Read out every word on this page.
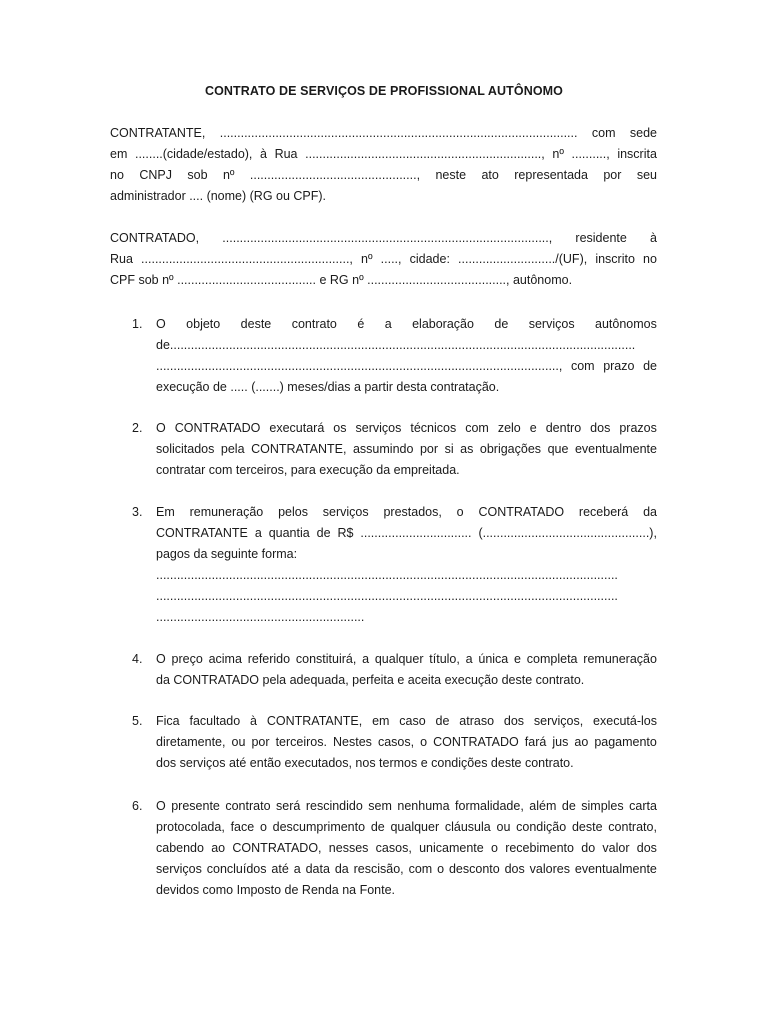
CONTRATO DE SERVIÇOS DE PROFISSIONAL AUTÔNOMO
CONTRATANTE, ....................................................................................................... com sede
em ........(cidade/estado), à Rua ...................................................................., nº .........., inscrita
no CNPJ sob nº ................................................, neste ato representada por seu
administrador .... (nome) (RG ou CPF).
CONTRATADO, .............................................................................................., residente à
Rua ............................................................, nº ....., cidade: ............................/(UF), inscrito no
CPF sob nº ........................................ e RG nº ........................................, autônomo.
1. O objeto deste contrato é a elaboração de serviços autônomos
de......................................................................................................................................
...................................................................................................................., com prazo de
execução de ..... (.......) meses/dias a partir desta contratação.
2. O CONTRATADO executará os serviços técnicos com zelo e dentro dos prazos
solicitados pela CONTRATANTE, assumindo por si as obrigações que eventualmente
contratar com terceiros, para execução da empreitada.
3. Em remuneração pelos serviços prestados, o CONTRATADO receberá da
CONTRATANTE a quantia de R$ ................................ (................................................),
pagos da seguinte forma:
.....................................................................................................................................
.....................................................................................................................................
............................................................
4. O preço acima referido constituirá, a qualquer título, a única e completa remuneração
da CONTRATADO pela adequada, perfeita e aceita execução deste contrato.
5. Fica facultado à CONTRATANTE, em caso de atraso dos serviços, executá-los
diretamente, ou por terceiros. Nestes casos, o CONTRATADO fará jus ao pagamento
dos serviços até então executados, nos termos e condições deste contrato.
6. O presente contrato será rescindido sem nenhuma formalidade, além de simples carta
protocolada, face o descumprimento de qualquer cláusula ou condição deste contrato,
cabendo ao CONTRATADO, nesses casos, unicamente o recebimento do valor dos
serviços concluídos até a data da rescisão, com o desconto dos valores eventualmente
devidos como Imposto de Renda na Fonte.
